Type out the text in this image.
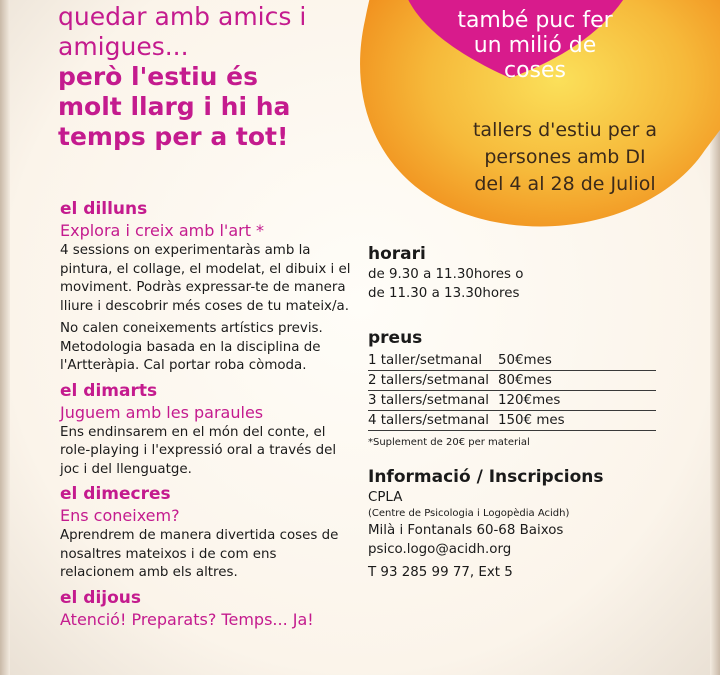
també puc fer
un milió de
coses
tallers d'estiu per a
persones amb DI
del 4 al 28 de Juliol
quedar amb amics i
amigues...
però l'estiu és
molt llarg i hi ha
temps per a tot!

el dilluns

Explora i creix amb l'art *

4 sessions on experimentaràs amb la pintura, el collage, el modelat, el dibuix i el moviment. Podràs expressar-te de manera lliure i descobrir més coses de tu mateix/a.

No calen coneixements artístics previs. Metodologia basada en la disciplina de l'Artteràpia. Cal portar roba còmoda.

el dimarts

Juguem amb les paraules

Ens endinsarem en el món del conte, el role-playing i l'expressió oral a través del joc i del llenguatge.

el dimecres

Ens coneixem?

Aprendrem de manera divertida coses de nosaltres mateixos i de com ens relacionem amb els altres.

el dijous

Atenció! Preparats? Temps... Ja!

horari

de 9.30 a 11.30hores o

de 11.30 a 13.30hores

preus

1 taller/setmanal	50€mes
2 tallers/setmanal	80€mes
3 tallers/setmanal	120€mes
4 tallers/setmanal	150€ mes

*Suplement de 20€ per material

Informació / Inscripcions

CPLA

(Centre de Psicologia i Logopèdia Acidh)

Milà i Fontanals 60-68 Baixos

psico.logo@acidh.org

T 93 285 99 77, Ext 5
